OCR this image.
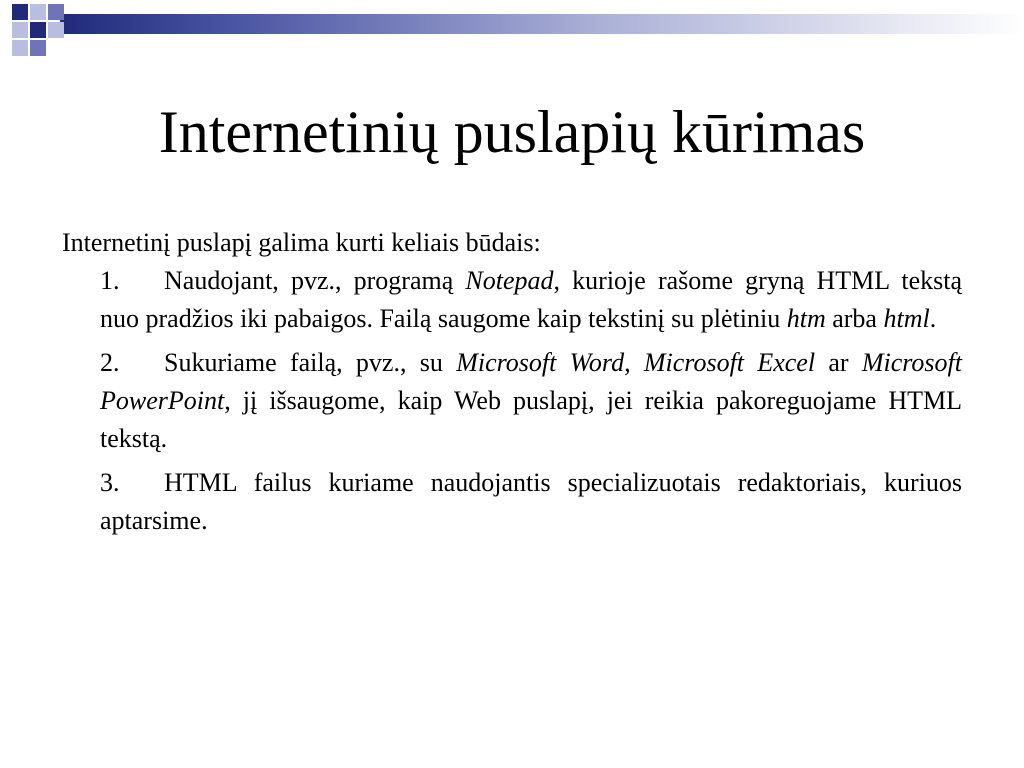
Internetinių puslapių kūrimas

Internetinį puslapį galima kurti keliais būdais:

1. Naudojant, pvz., programą Notepad, kurioje rašome gryną HTML tekstą nuo pradžios iki pabaigos. Failą saugome kaip tekstinį su plėtiniu htm arba html.
2. Sukuriame failą, pvz., su Microsoft Word, Microsoft Excel ar Microsoft PowerPoint, jį išsaugome, kaip Web puslapį, jei reikia pakoreguojame HTML tekstą.
3. HTML failus kuriame naudojantis specializuotais redaktoriais, kuriuos aptarsime.
